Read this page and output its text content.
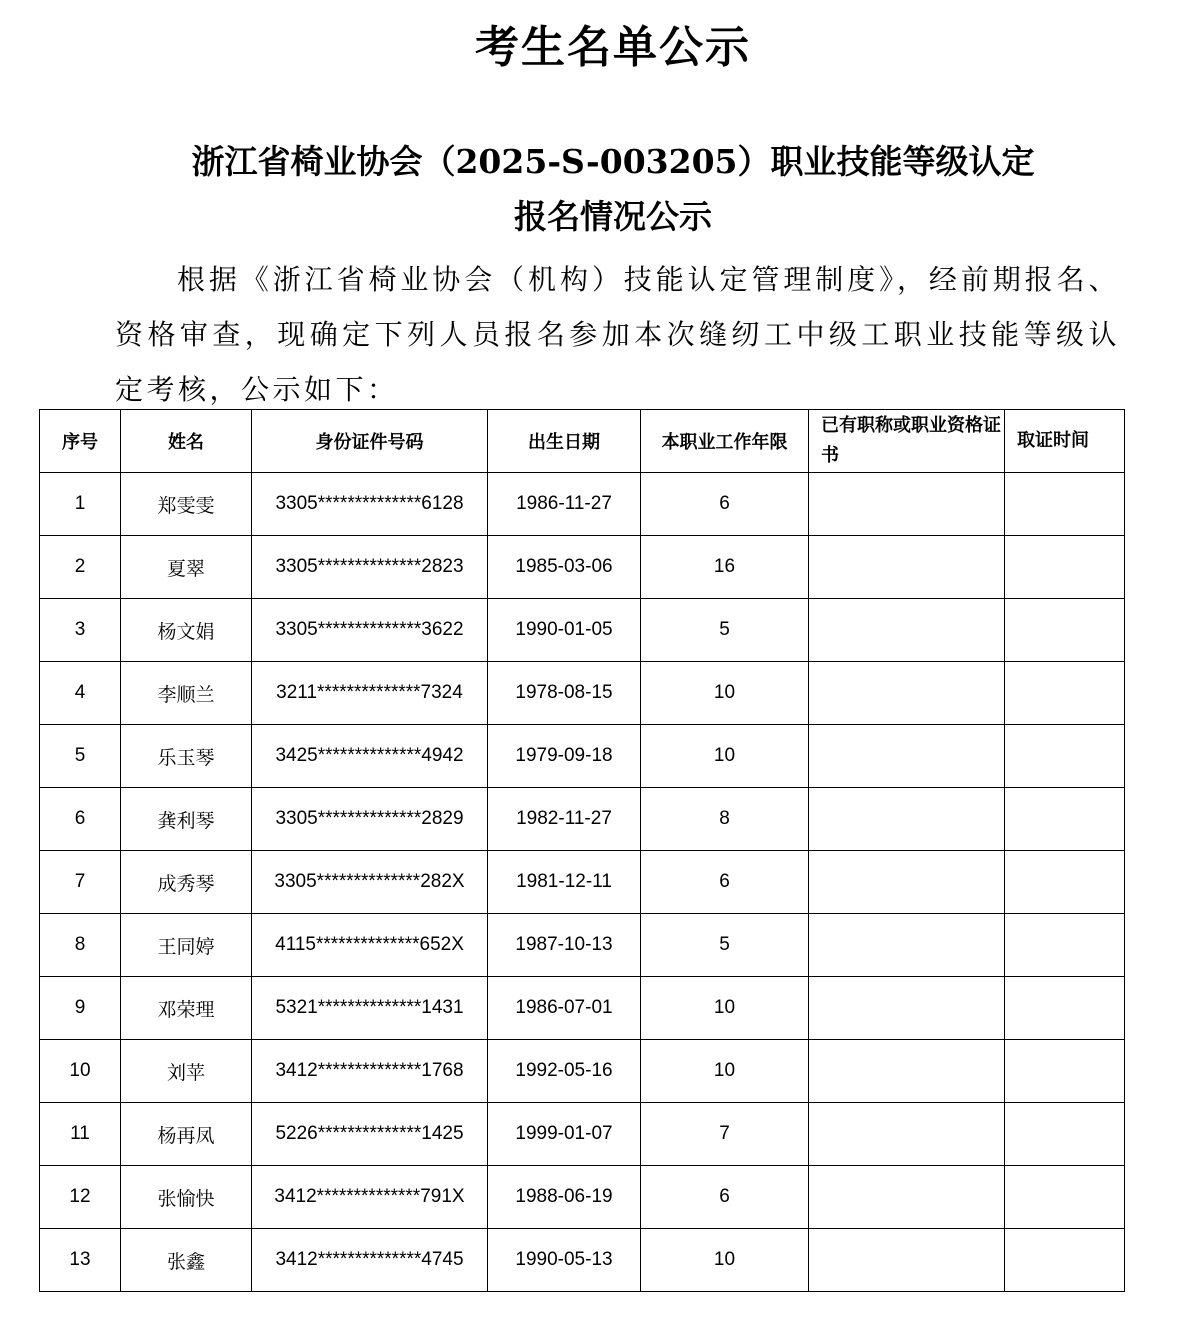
考生名单公示
浙江省椅业协会（2025-S-003205）职业技能等级认定
报名情况公示
根据《浙江省椅业协会（机构）技能认定管理制度》，经前期报名、资格审查，现确定下列人员报名参加本次缝纫工中级工职业技能等级认定考核，公示如下：
序号	姓名	身份证件号码	出生日期	本职业工作年限	已有职称或职业资格证书	取证时间
1	郑雯雯	3305**************6128	1986-11-27	6		
2	夏翠	3305**************2823	1985-03-06	16		
3	杨文娟	3305**************3622	1990-01-05	5		
4	李顺兰	3211**************7324	1978-08-15	10		
5	乐玉琴	3425**************4942	1979-09-18	10		
6	龚利琴	3305**************2829	1982-11-27	8		
7	成秀琴	3305**************282X	1981-12-11	6		
8	王同婷	4115**************652X	1987-10-13	5		
9	邓荣理	5321**************1431	1986-07-01	10		
10	刘苹	3412**************1768	1992-05-16	10		
11	杨再凤	5226**************1425	1999-01-07	7		
12	张愉快	3412**************791X	1988-06-19	6		
13	张鑫	3412**************4745	1990-05-13	10		
